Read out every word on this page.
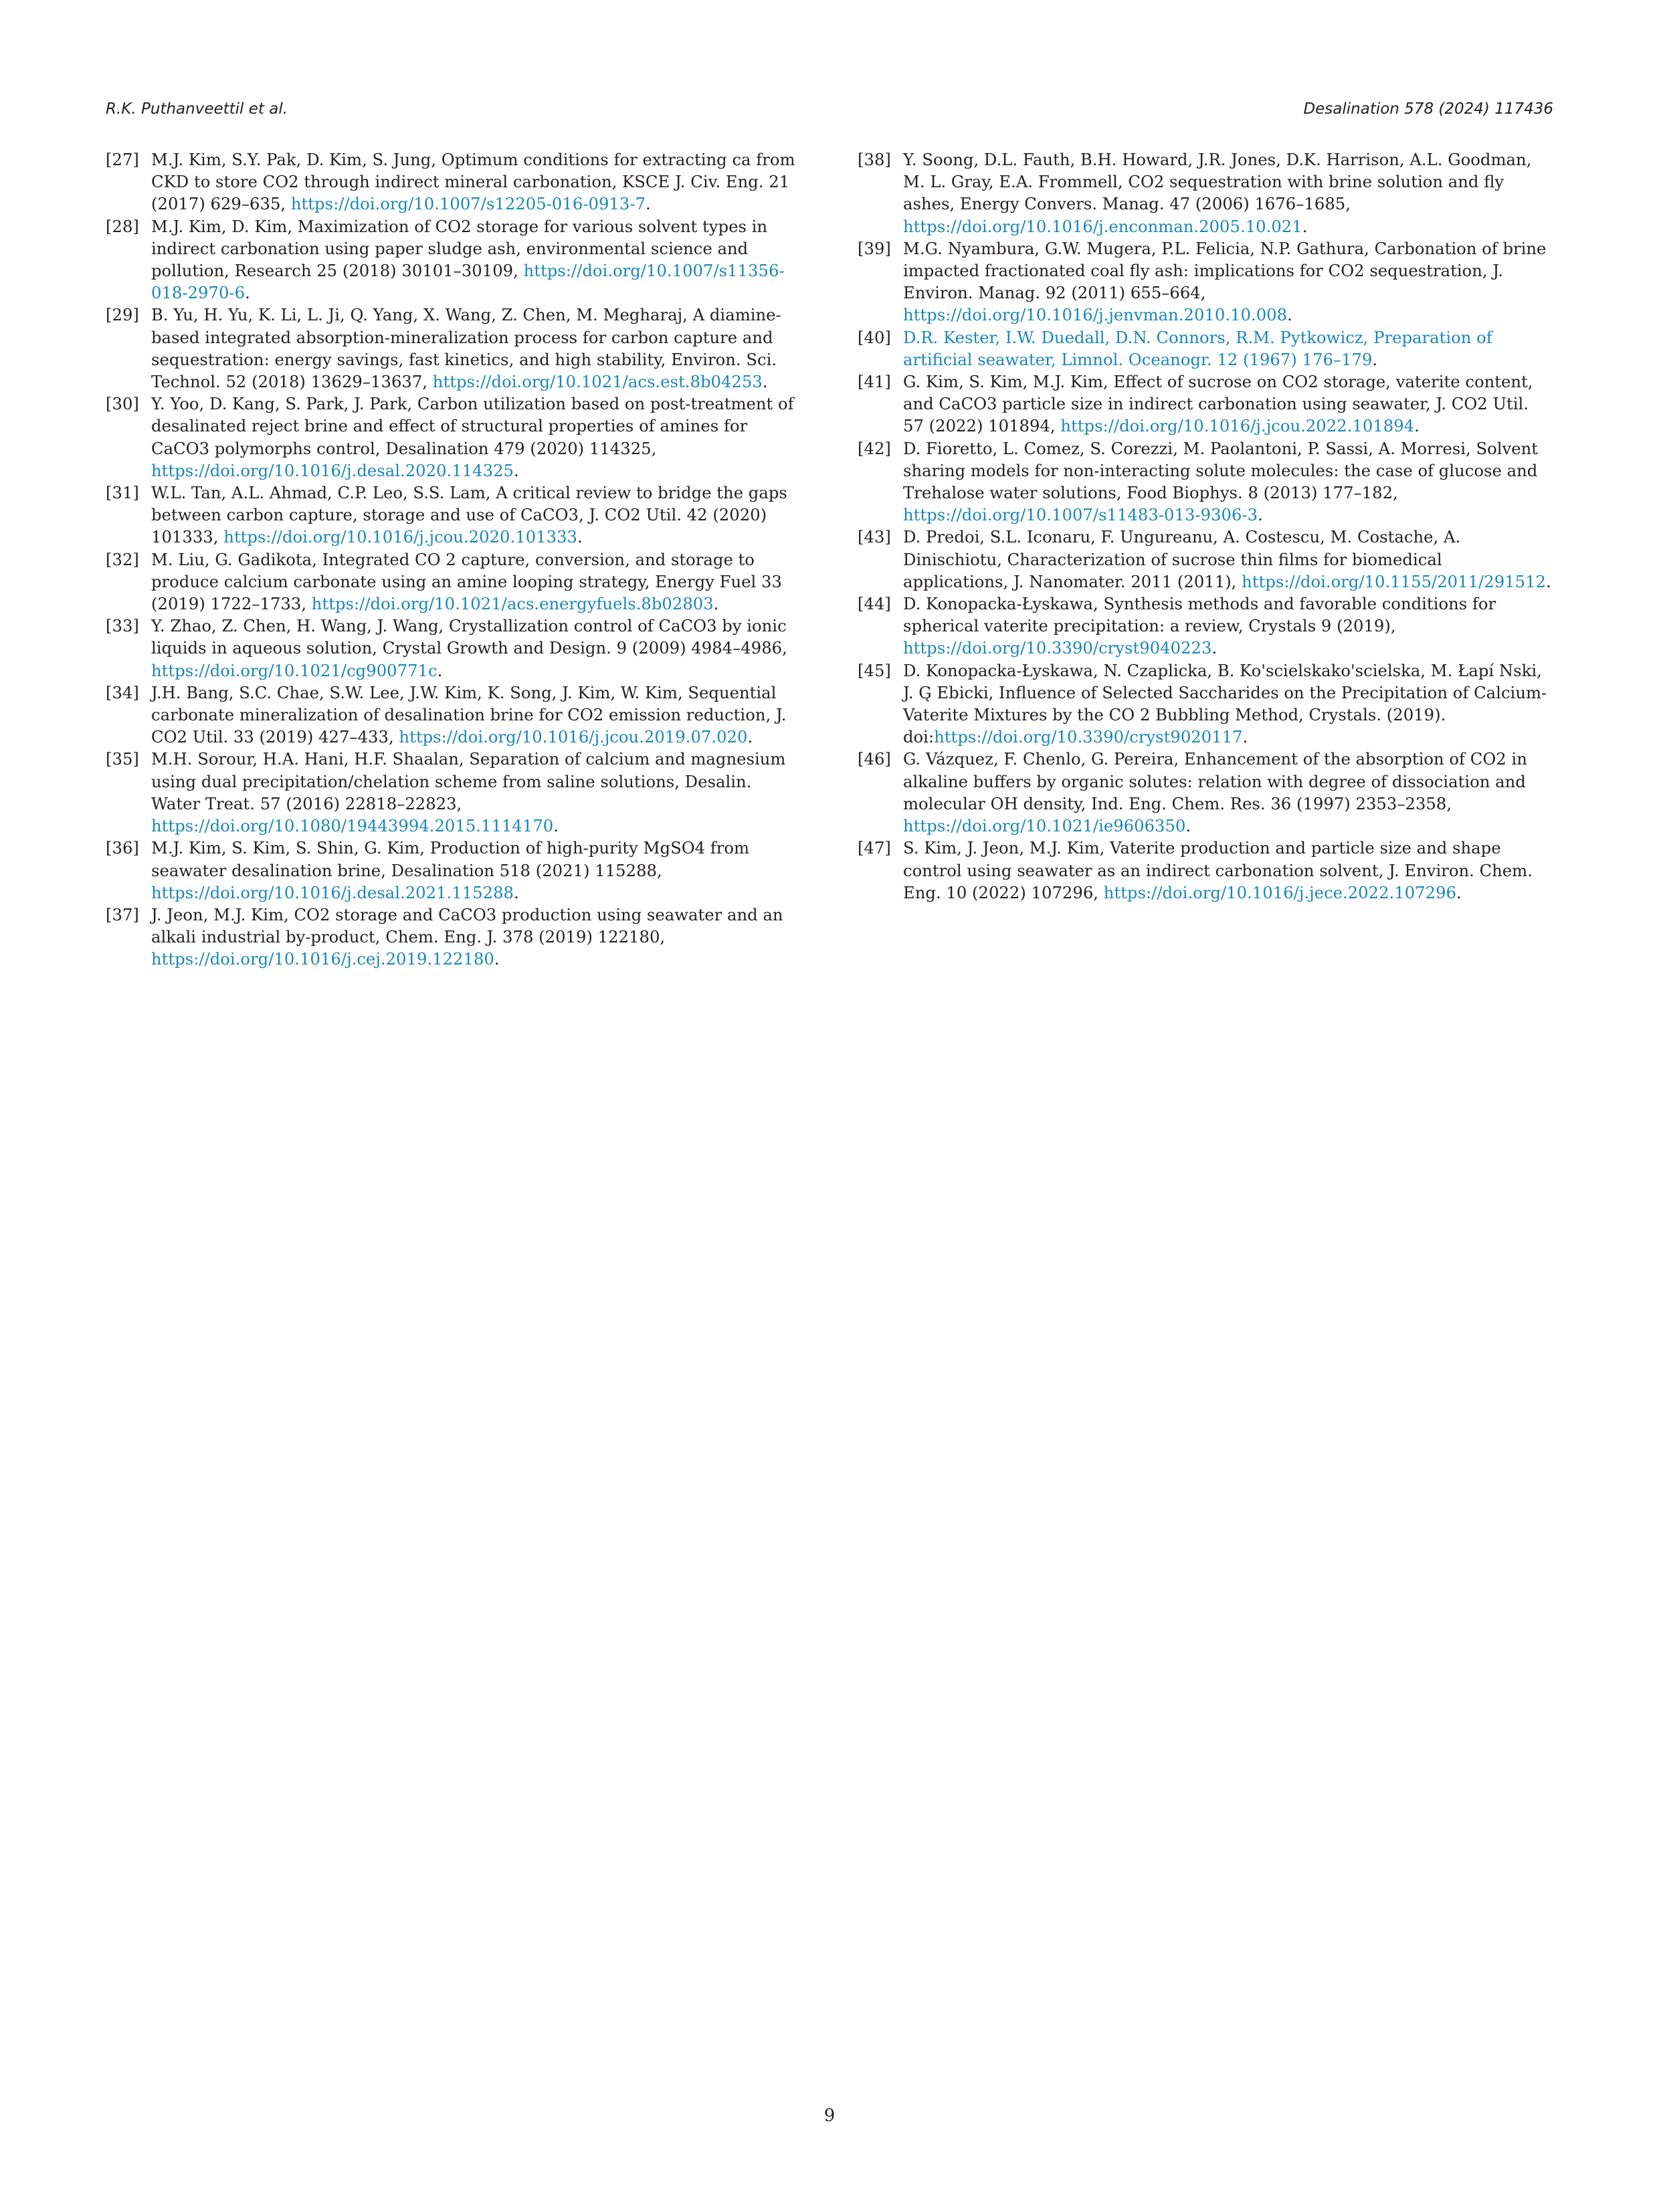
R.K. Puthanveettil et al.	Desalination 578 (2024) 117436
[27] M.J. Kim, S.Y. Pak, D. Kim, S. Jung, Optimum conditions for extracting ca from CKD to store CO2 through indirect mineral carbonation, KSCE J. Civ. Eng. 21 (2017) 629–635, https://doi.org/10.1007/s12205-016-0913-7.
[28] M.J. Kim, D. Kim, Maximization of CO2 storage for various solvent types in indirect carbonation using paper sludge ash, environmental science and pollution, Research 25 (2018) 30101–30109, https://doi.org/10.1007/s11356-018-2970-6.
[29] B. Yu, H. Yu, K. Li, L. Ji, Q. Yang, X. Wang, Z. Chen, M. Megharaj, A diamine-based integrated absorption-mineralization process for carbon capture and sequestration: energy savings, fast kinetics, and high stability, Environ. Sci. Technol. 52 (2018) 13629–13637, https://doi.org/10.1021/acs.est.8b04253.
[30] Y. Yoo, D. Kang, S. Park, J. Park, Carbon utilization based on post-treatment of desalinated reject brine and effect of structural properties of amines for CaCO3 polymorphs control, Desalination 479 (2020) 114325, https://doi.org/10.1016/j.desal.2020.114325.
[31] W.L. Tan, A.L. Ahmad, C.P. Leo, S.S. Lam, A critical review to bridge the gaps between carbon capture, storage and use of CaCO3, J. CO2 Util. 42 (2020) 101333, https://doi.org/10.1016/j.jcou.2020.101333.
[32] M. Liu, G. Gadikota, Integrated CO 2 capture, conversion, and storage to produce calcium carbonate using an amine looping strategy, Energy Fuel 33 (2019) 1722–1733, https://doi.org/10.1021/acs.energyfuels.8b02803.
[33] Y. Zhao, Z. Chen, H. Wang, J. Wang, Crystallization control of CaCO3 by ionic liquids in aqueous solution, Crystal Growth and Design. 9 (2009) 4984–4986, https://doi.org/10.1021/cg900771c.
[34] J.H. Bang, S.C. Chae, S.W. Lee, J.W. Kim, K. Song, J. Kim, W. Kim, Sequential carbonate mineralization of desalination brine for CO2 emission reduction, J. CO2 Util. 33 (2019) 427–433, https://doi.org/10.1016/j.jcou.2019.07.020.
[35] M.H. Sorour, H.A. Hani, H.F. Shaalan, Separation of calcium and magnesium using dual precipitation/chelation scheme from saline solutions, Desalin. Water Treat. 57 (2016) 22818–22823, https://doi.org/10.1080/19443994.2015.1114170.
[36] M.J. Kim, S. Kim, S. Shin, G. Kim, Production of high-purity MgSO4 from seawater desalination brine, Desalination 518 (2021) 115288, https://doi.org/10.1016/j.desal.2021.115288.
[37] J. Jeon, M.J. Kim, CO2 storage and CaCO3 production using seawater and an alkali industrial by-product, Chem. Eng. J. 378 (2019) 122180, https://doi.org/10.1016/j.cej.2019.122180.
[38] Y. Soong, D.L. Fauth, B.H. Howard, J.R. Jones, D.K. Harrison, A.L. Goodman, M. L. Gray, E.A. Frommell, CO2 sequestration with brine solution and fly ashes, Energy Convers. Manag. 47 (2006) 1676–1685, https://doi.org/10.1016/j.enconman.2005.10.021.
[39] M.G. Nyambura, G.W. Mugera, P.L. Felicia, N.P. Gathura, Carbonation of brine impacted fractionated coal fly ash: implications for CO2 sequestration, J. Environ. Manag. 92 (2011) 655–664, https://doi.org/10.1016/j.jenvman.2010.10.008.
[40] D.R. Kester, I.W. Duedall, D.N. Connors, R.M. Pytkowicz, Preparation of artificial seawater, Limnol. Oceanogr. 12 (1967) 176–179.
[41] G. Kim, S. Kim, M.J. Kim, Effect of sucrose on CO2 storage, vaterite content, and CaCO3 particle size in indirect carbonation using seawater, J. CO2 Util. 57 (2022) 101894, https://doi.org/10.1016/j.jcou.2022.101894.
[42] D. Fioretto, L. Comez, S. Corezzi, M. Paolantoni, P. Sassi, A. Morresi, Solvent sharing models for non-interacting solute molecules: the case of glucose and Trehalose water solutions, Food Biophys. 8 (2013) 177–182, https://doi.org/10.1007/s11483-013-9306-3.
[43] D. Predoi, S.L. Iconaru, F. Ungureanu, A. Costescu, M. Costache, A. Dinischiotu, Characterization of sucrose thin films for biomedical applications, J. Nanomater. 2011 (2011), https://doi.org/10.1155/2011/291512.
[44] D. Konopacka-Łyskawa, Synthesis methods and favorable conditions for spherical vaterite precipitation: a review, Crystals 9 (2019), https://doi.org/10.3390/cryst9040223.
[45] D. Konopacka-Łyskawa, N. Czaplicka, B. Ko'scielskako'scielska, M. Łapí Nski, J. G̨ Ebicki, Influence of Selected Saccharides on the Precipitation of Calcium-Vaterite Mixtures by the CO 2 Bubbling Method, Crystals. (2019). doi:https://doi.org/10.3390/cryst9020117.
[46] G. Vázquez, F. Chenlo, G. Pereira, Enhancement of the absorption of CO2 in alkaline buffers by organic solutes: relation with degree of dissociation and molecular OH density, Ind. Eng. Chem. Res. 36 (1997) 2353–2358, https://doi.org/10.1021/ie9606350.
[47] S. Kim, J. Jeon, M.J. Kim, Vaterite production and particle size and shape control using seawater as an indirect carbonation solvent, J. Environ. Chem. Eng. 10 (2022) 107296, https://doi.org/10.1016/j.jece.2022.107296.
9
